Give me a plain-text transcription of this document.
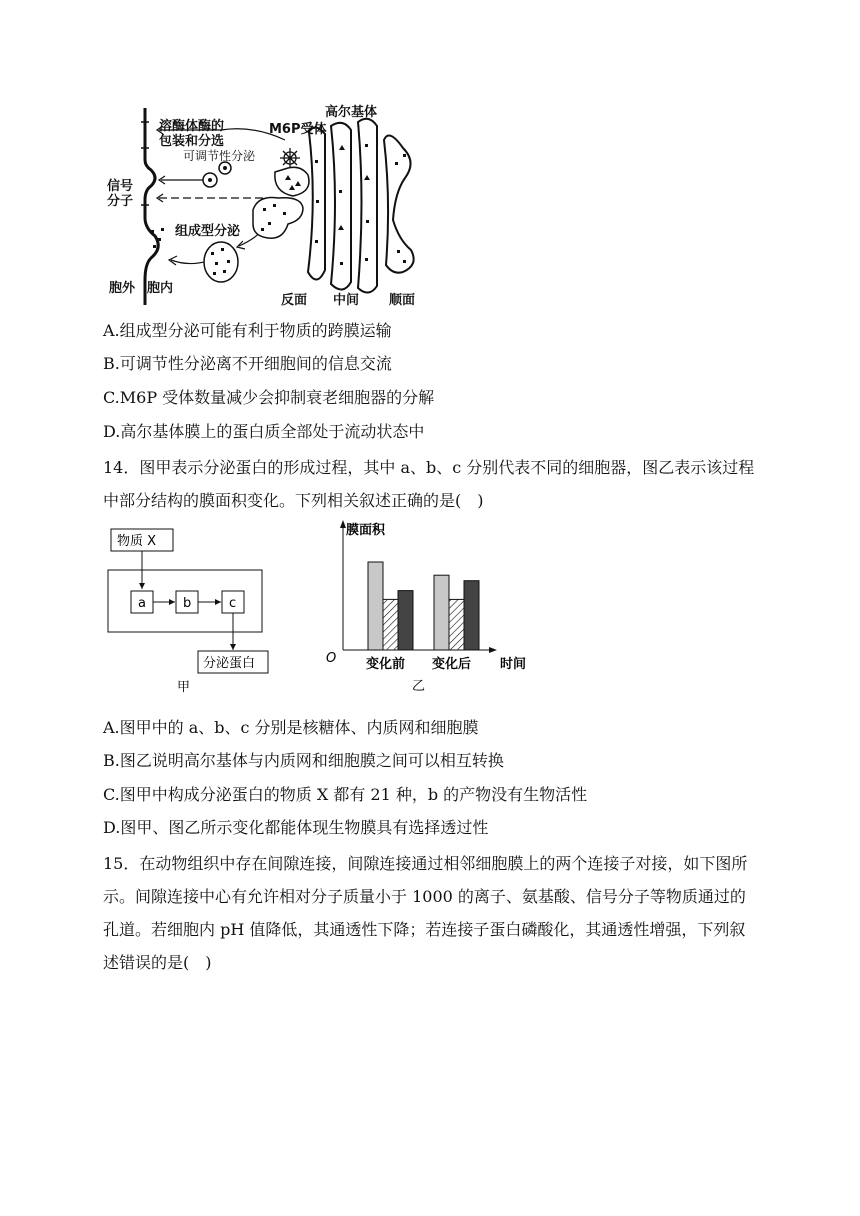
高尔基体
M6P受体
溶酶体酶的
包装和分选
可调节性分泌
信号
分子
组成型分泌
胞外 胞内
反面 中间 顺面
A.组成型分泌可能有利于物质的跨膜运输
B.可调节性分泌离不开细胞间的信息交流
C.M6P 受体数量减少会抑制衰老细胞器的分解
D.高尔基体膜上的蛋白质全部处于流动状态中
14．图甲表示分泌蛋白的形成过程，其中 a、b、c 分别代表不同的细胞器，图乙表示该过程中部分结构的膜面积变化。下列相关叙述正确的是(　)
物质 X
a	b	c
分泌蛋白
甲
膜面积
时间
O 变化前 变化后
乙
A.图甲中的 a、b、c 分别是核糖体、内质网和细胞膜
B.图乙说明高尔基体与内质网和细胞膜之间可以相互转换
C.图甲中构成分泌蛋白的物质 X 都有 21 种，b 的产物没有生物活性
D.图甲、图乙所示变化都能体现生物膜具有选择透过性
15．在动物组织中存在间隙连接，间隙连接通过相邻细胞膜上的两个连接子对接，如下图所示。间隙连接中心有允许相对分子质量小于 1000 的离子、氨基酸、信号分子等物质通过的孔道。若细胞内 pH 值降低，其通透性下降；若连接子蛋白磷酸化，其通透性增强，下列叙述错误的是(　)
